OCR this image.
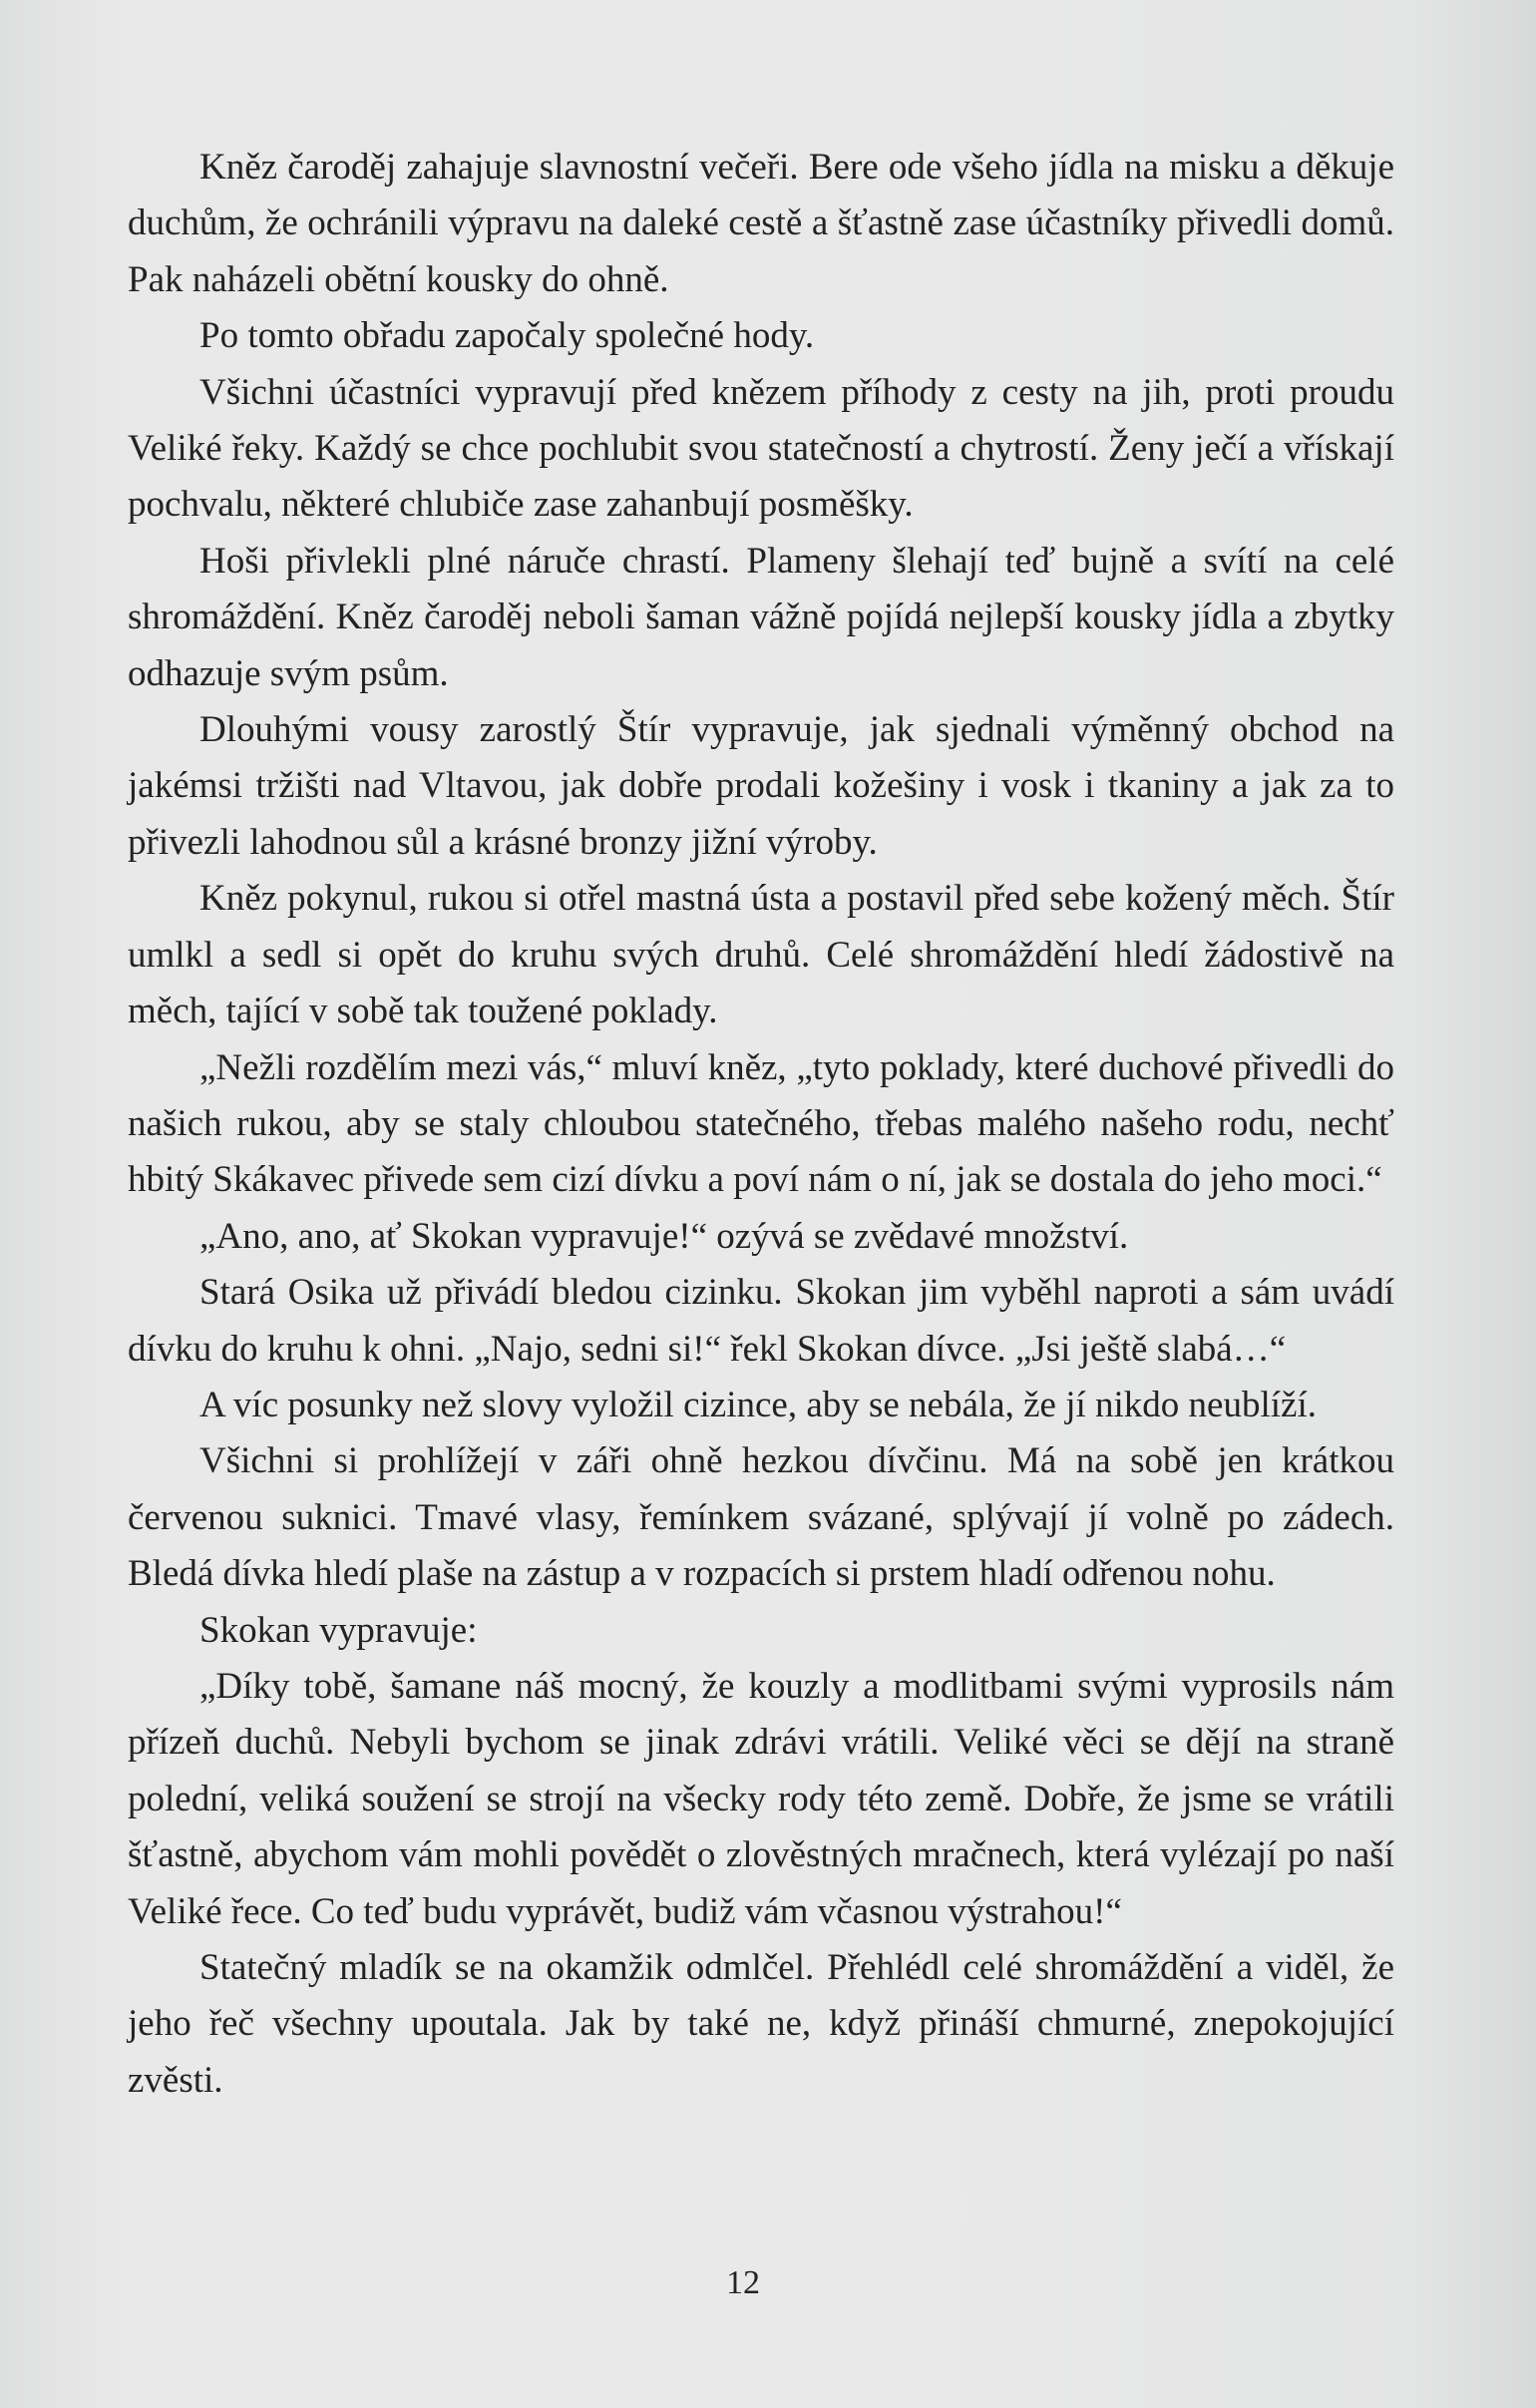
Kněz čaroděj zahajuje slavnostní večeři. Bere ode všeho jídla na misku a děkuje duchům, že ochránili výpravu na daleké cestě a šťastně zase účastníky přivedli domů. Pak naházeli obětní kousky do ohně.

Po tomto obřadu započaly společné hody.

Všichni účastníci vypravují před knězem příhody z cesty na jih, proti proudu Veliké řeky. Každý se chce pochlubit svou statečností a chytrostí. Ženy ječí a vřískají pochvalu, některé chlubiče zase zahanbují posměšky.

Hoši přivlekli plné náruče chrastí. Plameny šlehají teď bujně a svítí na celé shromáždění. Kněz čaroděj neboli šaman vážně pojídá nejlepší kousky jídla a zbytky odhazuje svým psům.

Dlouhými vousy zarostlý Štír vypravuje, jak sjednali výměnný obchod na jakémsi tržišti nad Vltavou, jak dobře prodali kožešiny i vosk i tkaniny a jak za to přivezli lahodnou sůl a krásné bronzy jižní výroby.

Kněz pokynul, rukou si otřel mastná ústa a postavil před sebe kožený měch. Štír umlkl a sedl si opět do kruhu svých druhů. Celé shromáždění hledí žádostivě na měch, tající v sobě tak toužené poklady.

„Nežli rozdělím mezi vás,“ mluví kněz, „tyto poklady, které duchové přivedli do našich rukou, aby se staly chloubou statečného, třebas malého našeho rodu, nechť hbitý Skákavec přivede sem cizí dívku a poví nám o ní, jak se dostala do jeho moci.“

„Ano, ano, ať Skokan vypravuje!“ ozývá se zvědavé množství.

Stará Osika už přivádí bledou cizinku. Skokan jim vyběhl naproti a sám uvádí dívku do kruhu k ohni. „Najo, sedni si!“ řekl Skokan dívce. „Jsi ještě slabá…“

A víc posunky než slovy vyložil cizince, aby se nebála, že jí nikdo neublíží.

Všichni si prohlížejí v záři ohně hezkou dívčinu. Má na sobě jen krátkou červenou suknici. Tmavé vlasy, řemínkem svázané, splývají jí volně po zádech. Bledá dívka hledí plaše na zástup a v rozpacích si prstem hladí odřenou nohu.

Skokan vypravuje:

„Díky tobě, šamane náš mocný, že kouzly a modlitbami svými vyprosils nám přízeň duchů. Nebyli bychom se jinak zdrávi vrátili. Veliké věci se dějí na straně polední, veliká soužení se strojí na všecky rody této země. Dobře, že jsme se vrátili šťastně, abychom vám mohli povědět o zlověstných mračnech, která vylézají po naší Veliké řece. Co teď budu vyprávět, budiž vám včasnou výstrahou!“

Statečný mladík se na okamžik odmlčel. Přehlédl celé shromáždění a viděl, že jeho řeč všechny upoutala. Jak by také ne, když přináší chmurné, znepokojující zvěsti.

12
